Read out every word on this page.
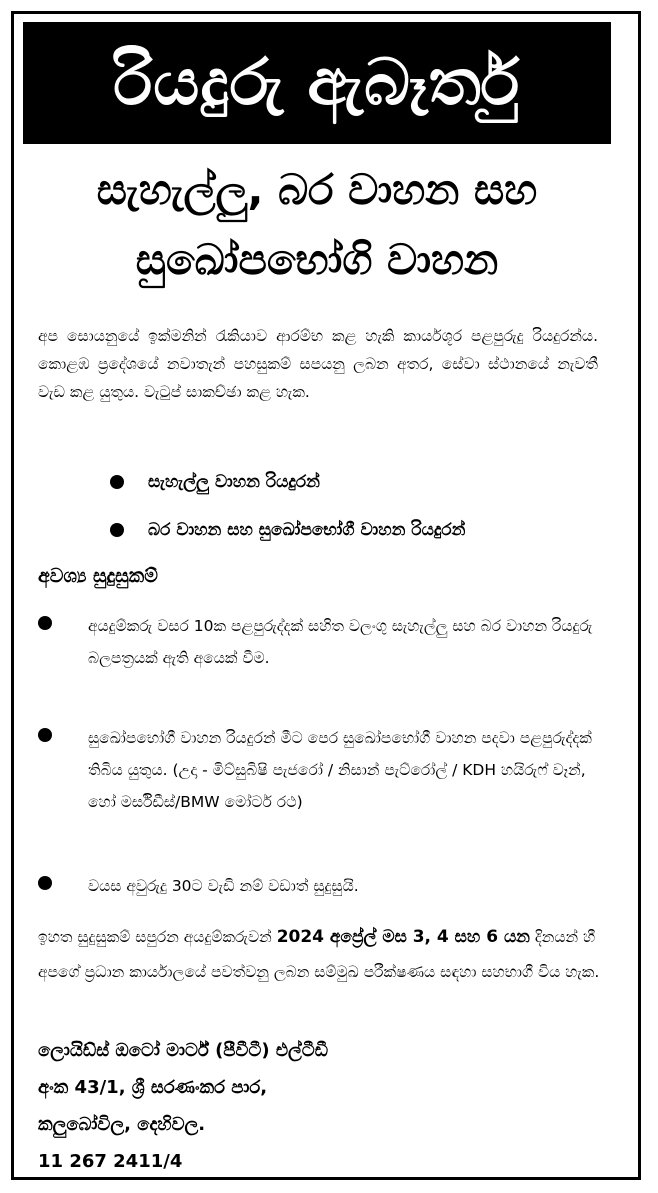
රියදුරු ඇබෑර්තු
සැහැල්ලු, බර වාහන සහ
සුඛෝපභෝගි වාහන
අප සොයනුයේ ඉක්මනින් රැකියාව ආරම්භ කළ හැකි කාර්යශූර පළපුරුදු රියදුරන්ය. කොළඹ ප්‍රදේශයේ නවාතැන් පහසුකම් සපයනු ලබන අතර, සේවා ස්ථානයේ නැවතී වැඩ කළ යුතුය. වැටුප් සාකච්ඡා කළ හැක.
සැහැල්ලු වාහන රියදුරන්
බර වාහන සහ සුඛෝපභෝගී වාහන රියදුරන්
අවශ්‍ය සුදුසුකම්
අයදුම්කරු වසර 10ක පළපුරුද්දක් සහිත වලංගු සැහැල්ලු සහ බර වාහන රියදුරු බලපත්‍රයක් ඇති අයෙක් වීම.
සුඛෝපභෝගී වාහන රියදුරන් මීට පෙර සුඛෝපභෝගී වාහන පදවා පළපුරුද්දක් තිබිය යුතුය. (උදා - මිට්සුබිෂි පැජරෝ / නිසාන් පැට්රෝල් / KDH හයිරුෆ් වෑන්, හෝ මර්සිඩීස්/BMW මෝටර් රථ)
වයස අවුරුදු 30ට වැඩි නම් වඩාත් සුදුසුයි.
ඉහත සුදුසුකම් සපුරන අයදුම්කරුවන් 2024 අප්‍රේල් මස 3, 4 සහ 6 යන දිනයන් හී අපගේ ප්‍රධාන කාර්යාලයේ පවත්වනු ලබන සම්මුඛ පරීක්ෂණය සඳහා සහභාගී විය හැක.
ලොයිඩ්ස් ඔටෝ මාර්ට් (පීවීටී) එල්ටීඩී
අංක 43/1, ශ්‍රී සරණංකර පාර,
කලුබෝවිල, දෙහිවල.
11 267 2411/4
